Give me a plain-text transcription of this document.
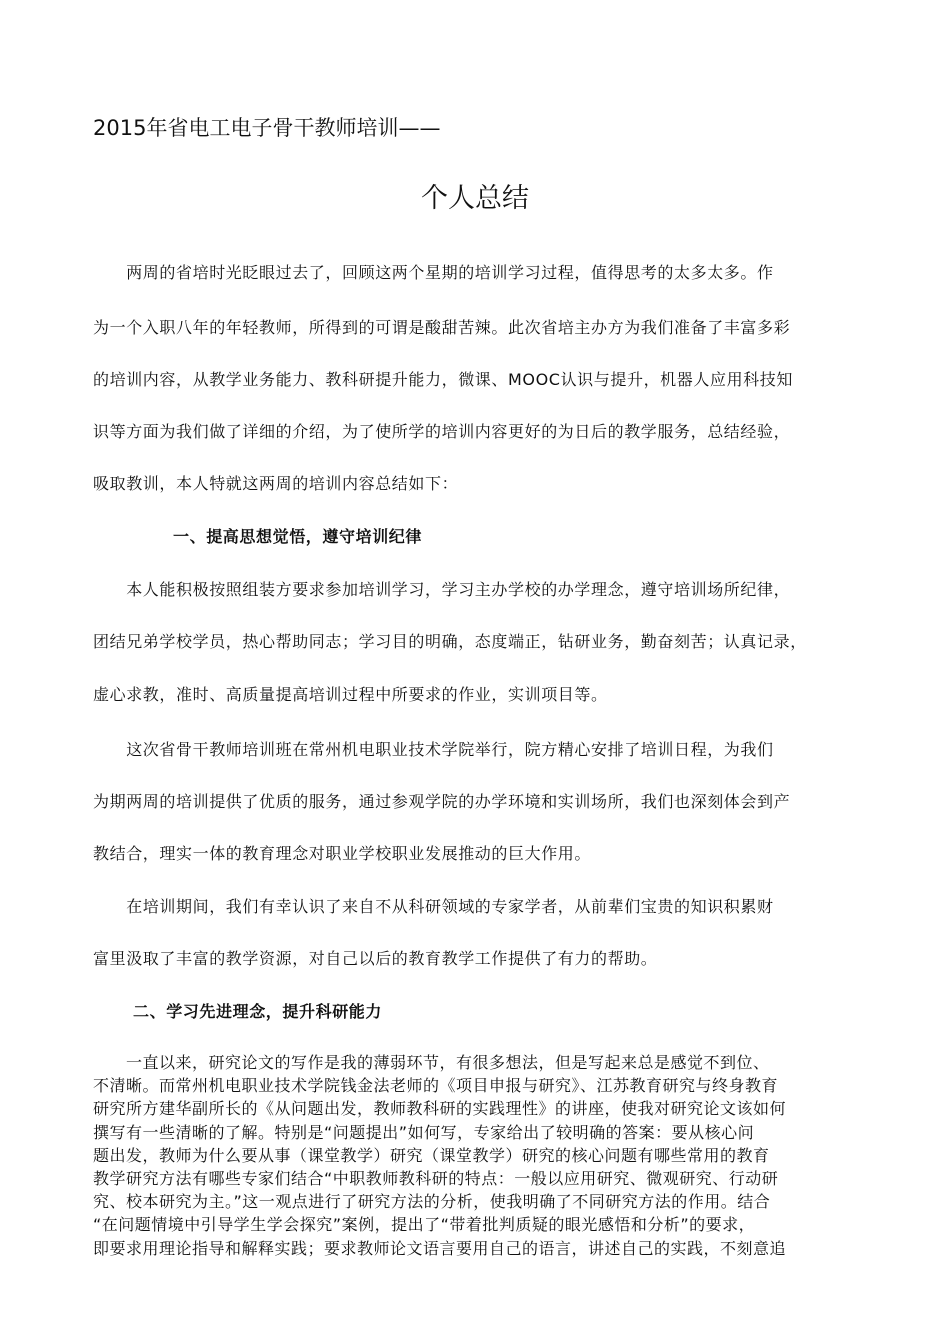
2015年省电工电子骨干教师培训——
个人总结
　　两周的省培时光眨眼过去了，回顾这两个星期的培训学习过程，值得思考的太多太多。作
为一个入职八年的年轻教师，所得到的可谓是酸甜苦辣。此次省培主办方为我们准备了丰富多彩
的培训内容，从教学业务能力、教科研提升能力，微课、MOOC认识与提升，机器人应用科技知
识等方面为我们做了详细的介绍，为了使所学的培训内容更好的为日后的教学服务，总结经验，
吸取教训，本人特就这两周的培训内容总结如下：
一、提高思想觉悟，遵守培训纪律
　　本人能积极按照组装方要求参加培训学习，学习主办学校的办学理念，遵守培训场所纪律，
团结兄弟学校学员，热心帮助同志；学习目的明确，态度端正，钻研业务，勤奋刻苦；认真记录，
虚心求教，准时、高质量提高培训过程中所要求的作业，实训项目等。
　　这次省骨干教师培训班在常州机电职业技术学院举行，院方精心安排了培训日程，为我们
为期两周的培训提供了优质的服务，通过参观学院的办学环境和实训场所，我们也深刻体会到产
教结合，理实一体的教育理念对职业学校职业发展推动的巨大作用。
　　在培训期间，我们有幸认识了来自不从科研领域的专家学者，从前辈们宝贵的知识积累财
富里汲取了丰富的教学资源，对自己以后的教育教学工作提供了有力的帮助。
二、学习先进理念，提升科研能力
　　一直以来，研究论文的写作是我的薄弱环节，有很多想法，但是写起来总是感觉不到位、
不清晰。而常州机电职业技术学院钱金法老师的《项目申报与研究》、江苏教育研究与终身教育
研究所方建华副所长的《从问题出发，教师教科研的实践理性》的讲座，使我对研究论文该如何
撰写有一些清晰的了解。特别是“问题提出”如何写，专家给出了较明确的答案：要从核心问
题出发，教师为什么要从事（课堂教学）研究（课堂教学）研究的核心问题有哪些常用的教育
教学研究方法有哪些专家们结合“中职教师教科研的特点：一般以应用研究、微观研究、行动研
究、校本研究为主。”这一观点进行了研究方法的分析，使我明确了不同研究方法的作用。结合
“在问题情境中引导学生学会探究”案例，提出了“带着批判质疑的眼光感悟和分析”的要求，
即要求用理论指导和解释实践；要求教师论文语言要用自己的语言，讲述自己的实践，不刻意追
